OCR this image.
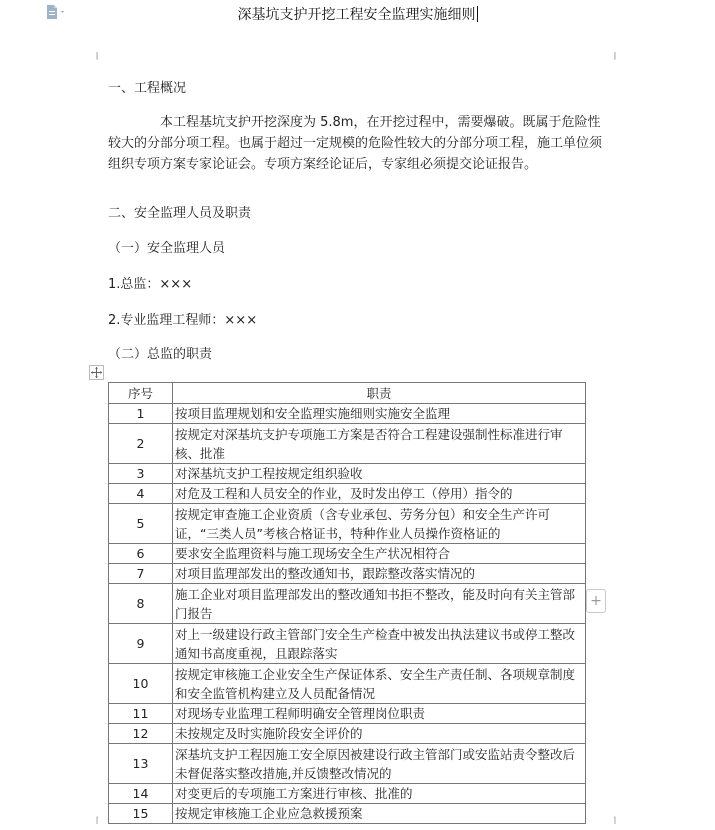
深基坑支护开挖工程安全监理实施细则
一、工程概况
本工程基坑支护开挖深度为 5.8m，在开挖过程中，需要爆破。既属于危险性较大的分部分项工程。也属于超过一定规模的危险性较大的分部分项工程，施工单位须组织专项方案专家论证会。专项方案经论证后，专家组必须提交论证报告。
二、安全监理人员及职责
（一）安全监理人员
1.总监：×××
2.专业监理工程师：×××
（二）总监的职责
序号	职责
1	按项目监理规划和安全监理实施细则实施安全监理
2	按规定对深基坑支护专项施工方案是否符合工程建设强制性标准进行审核、批准
3	对深基坑支护工程按规定组织验收
4	对危及工程和人员安全的作业，及时发出停工（停用）指令的
5	按规定审查施工企业资质（含专业承包、劳务分包）和安全生产许可证，“三类人员”考核合格证书，特种作业人员操作资格证的
6	要求安全监理资料与施工现场安全生产状况相符合
7	对项目监理部发出的整改通知书，跟踪整改落实情况的
8	施工企业对项目监理部发出的整改通知书拒不整改，能及时向有关主管部门报告
9	对上一级建设行政主管部门安全生产检查中被发出执法建议书或停工整改通知书高度重视，且跟踪落实
10	按规定审核施工企业安全生产保证体系、安全生产责任制、各项规章制度和安全监管机构建立及人员配备情况
11	对现场专业监理工程师明确安全管理岗位职责
12	未按规定及时实施阶段安全评价的
13	深基坑支护工程因施工安全原因被建设行政主管部门或安监站责令整改后未督促落实整改措施,并反馈整改情况的
14	对变更后的专项施工方案进行审核、批准的
15	按规定审核施工企业应急救援预案
+
